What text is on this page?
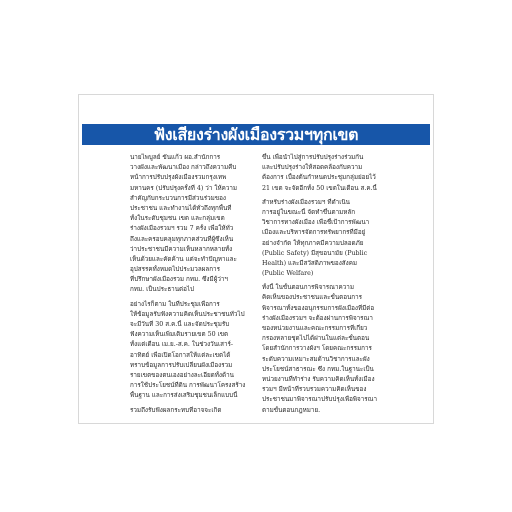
ฟังเสียงร่างผังเมืองรวมฯทุกเขต
นายไพบูลย์ ขันแก้ว ผอ.สำนักการ
วางผังและพัฒนาเมือง กล่าวถึงความคืบ
หน้าการปรับปรุงผังเมืองรวมกรุงเทพ
มหานคร (ปรับปรุงครั้งที่ 4) ว่า ให้ความ
สำคัญกับกระบวนการมีส่วนร่วมของ
ประชาชน และทำงานได้ทั่วถึงทุกพื้นที่
ทั้งในระดับชุมชน เขต และกลุ่มเขต
ร่างผังเมืองรวมฯ รวม 7 ครั้ง เพื่อให้ทั่ว
ถึงและครอบคลุมทุกภาคส่วนที่ผู้ซึ่งเห็น
ว่าประชาชนมีความเห็นหลากหลายทั้ง
เห็นด้วยและคัดค้าน แต่จะทำปัญหาและ
อุปสรรคทั้งหมดไปประมวลผลการ
ที่ปรึกษาผังเมืองรวม กทม. ซึ่งมีผู้ว่าฯ
กทม. เป็นประธานต่อไป
อย่างไรก็ตาม ในที่ประชุมเพื่อการ
ให้ข้อมูลรับฟังความคิดเห็นประชาชนทั่วไป
จะมีวันที่ 30 ส.ค.นี้ และจัดประชุมรับ
ฟังความเห็นเพิ่มเติมรายเขต 50 เขต
ทั้งแต่เดือน เม.ย.-ส.ค. ในช่วงวันเสาร์-
อาทิตย์ เพื่อเปิดโอกาสให้แต่ละเขตได้
ทราบข้อมูลการปรับเปลี่ยนผังเมืองรวม
รายเขตของตนเองอย่างละเอียดทั้งด้าน
การใช้ประโยชน์ที่ดิน การพัฒนาโครงสร้าง
พื้นฐาน และการส่งเสริมชุมชนเล็กแบบนี้
รวมถึงรับฟังผลกระทบที่อาจจะเกิด
ขึ้น เพื่อนำไปสู่การปรับปรุงร่างร่วมกัน
และปรับปรุงร่างให้สอดคล้องกับความ
ต้องการ เบื้องต้นกำหนดประชุมกลุ่มย่อยไว้
21 เขต จะจัดอีกทั้ง 50 เขตในเดือน ส.ค.นี้
สำหรับร่างผังเมืองรวมฯ ที่ดำเนิน
การอยู่ในขณะนี้ จัดทำขึ้นตามหลัก
วิชาการทางผังเมือง เพื่อชี้เป้าการพัฒนา
เมืองและบริหารจัดการทรัพยากรที่มีอยู่
อย่างจำกัด ให้ทุกภาคมีความปลอดภัย
(Public Safety) มีสุขอนามัย (Public
Health) และมีสวัสดิภาพของสังคม
(Public Welfare)
ทั้งนี้ ในขั้นตอนการพิจารณาความ
คิดเห็นของประชาชนและขั้นตอนการ
พิจารณาทั้งของอนุกรรมการผังเมืองที่มีต่อ
ร่างผังเมืองรวมฯ จะต้องผ่านการพิจารณา
ของหน่วยงานและคณะกรรมการที่เกี่ยว
กรองหลายชุดไปได้ผ่านในแต่ละขั้นตอน
โดยสำนักการวางผังฯ โดยคณะกรรมการ
ระดับความเหมาะสมด้านวิชาการและผัง
ประโยชน์สาธารณะ ซึ่ง กทม.ในฐานะเป็น
หน่วยงานที่ทำร่าง รับความคิดเห็นทั้งเมือง
รวมฯ มีหน้าที่รวบรวมความคิดเห็นของ
ประชาชนมาพิจารณาปรับปรุงเพื่อพิจารณา
ตามขั้นตอนกฎหมาย.
